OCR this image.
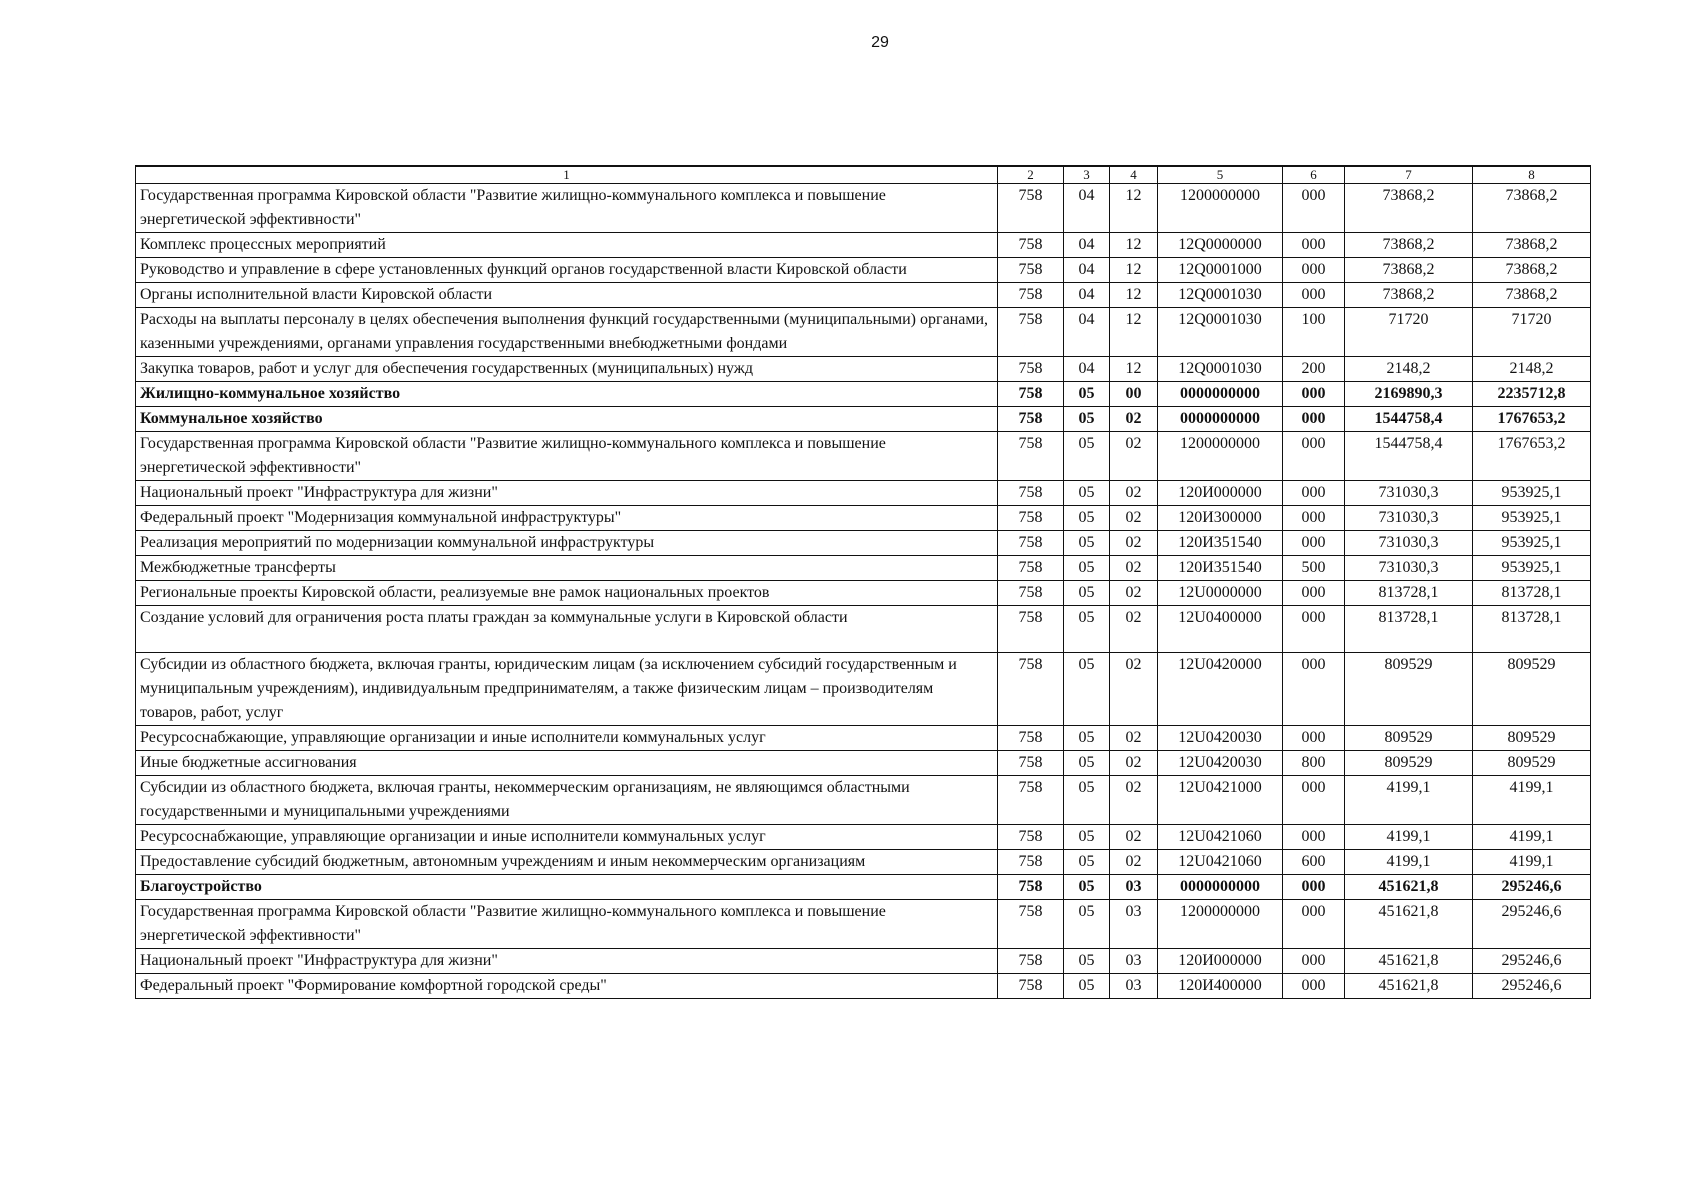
29
1	2	3	4	5	6	7	8
Государственная программа Кировской области "Развитие жилищно-коммунального комплекса и повышение энергетической эффективности"	758	04	12	1200000000	000	73868,2	73868,2
Комплекс процессных мероприятий	758	04	12	12Q0000000	000	73868,2	73868,2
Руководство и управление в сфере установленных функций органов государственной власти Кировской области	758	04	12	12Q0001000	000	73868,2	73868,2
Органы исполнительной власти Кировской области	758	04	12	12Q0001030	000	73868,2	73868,2
Расходы на выплаты персоналу в целях обеспечения выполнения функций государственными (муниципальными) органами, казенными учреждениями, органами управления государственными внебюджетными фондами	758	04	12	12Q0001030	100	71720	71720
Закупка товаров, работ и услуг для обеспечения государственных (муниципальных) нужд	758	04	12	12Q0001030	200	2148,2	2148,2
Жилищно-коммунальное хозяйство	758	05	00	0000000000	000	2169890,3	2235712,8
Коммунальное хозяйство	758	05	02	0000000000	000	1544758,4	1767653,2
Государственная программа Кировской области "Развитие жилищно-коммунального комплекса и повышение энергетической эффективности"	758	05	02	1200000000	000	1544758,4	1767653,2
Национальный проект "Инфраструктура для жизни"	758	05	02	120И000000	000	731030,3	953925,1
Федеральный проект "Модернизация коммунальной инфраструктуры"	758	05	02	120И300000	000	731030,3	953925,1
Реализация мероприятий по модернизации коммунальной инфраструктуры	758	05	02	120И351540	000	731030,3	953925,1
Межбюджетные трансферты	758	05	02	120И351540	500	731030,3	953925,1
Региональные проекты Кировской области, реализуемые вне рамок национальных проектов	758	05	02	12U0000000	000	813728,1	813728,1
Создание условий для ограничения роста платы граждан за коммунальные услуги в Кировской области	758	05	02	12U0400000	000	813728,1	813728,1
Субсидии из областного бюджета, включая гранты, юридическим лицам (за исключением субсидий государственным и муниципальным учреждениям), индивидуальным предпринимателям, а также физическим лицам – производителям товаров, работ, услуг	758	05	02	12U0420000	000	809529	809529
Ресурсоснабжающие, управляющие организации и иные исполнители коммунальных услуг	758	05	02	12U0420030	000	809529	809529
Иные бюджетные ассигнования	758	05	02	12U0420030	800	809529	809529
Субсидии из областного бюджета, включая гранты, некоммерческим организациям, не являющимся областными государственными и муниципальными учреждениями	758	05	02	12U0421000	000	4199,1	4199,1
Ресурсоснабжающие, управляющие организации и иные исполнители коммунальных услуг	758	05	02	12U0421060	000	4199,1	4199,1
Предоставление субсидий бюджетным, автономным учреждениям и иным некоммерческим организациям	758	05	02	12U0421060	600	4199,1	4199,1
Благоустройство	758	05	03	0000000000	000	451621,8	295246,6
Государственная программа Кировской области "Развитие жилищно-коммунального комплекса и повышение энергетической эффективности"	758	05	03	1200000000	000	451621,8	295246,6
Национальный проект "Инфраструктура для жизни"	758	05	03	120И000000	000	451621,8	295246,6
Федеральный проект "Формирование комфортной городской среды"	758	05	03	120И400000	000	451621,8	295246,6
